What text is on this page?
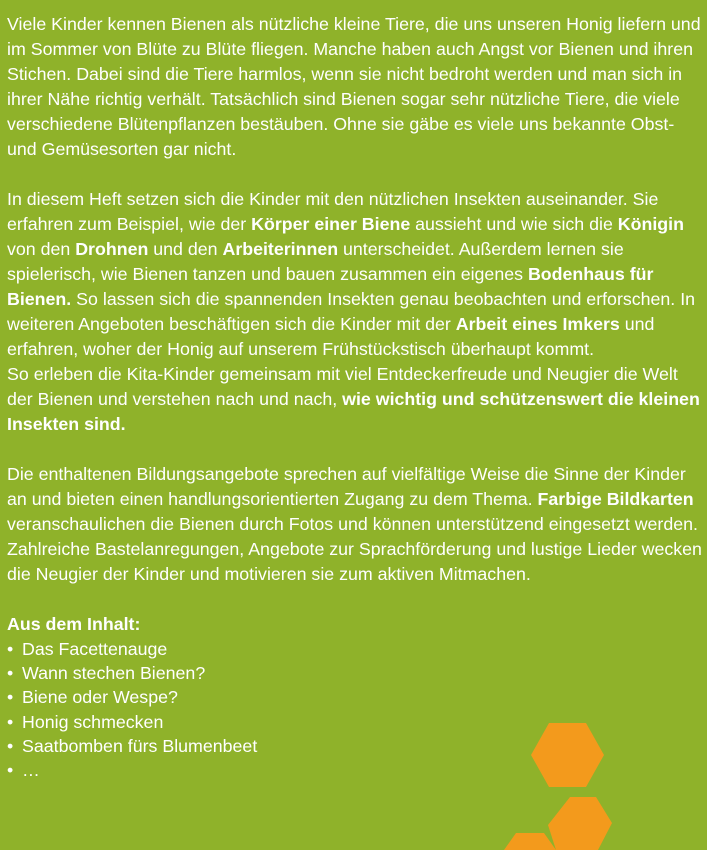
Viele Kinder kennen Bienen als nützliche kleine Tiere, die uns unseren Honig liefern und im Sommer von Blüte zu Blüte fliegen. Manche haben auch Angst vor Bienen und ihren Stichen. Dabei sind die Tiere harmlos, wenn sie nicht bedroht werden und man sich in ihrer Nähe richtig verhält. Tatsächlich sind Bienen sogar sehr nützliche Tiere, die viele verschiedene Blütenpflanzen bestäuben. Ohne sie gäbe es viele uns bekannte Obst- und Gemüsesorten gar nicht.

In diesem Heft setzen sich die Kinder mit den nützlichen Insekten auseinander. Sie erfahren zum Beispiel, wie der Körper einer Biene aussieht und wie sich die Königin von den Drohnen und den Arbeiterinnen unterscheidet. Außerdem lernen sie spielerisch, wie Bienen tanzen und bauen zusammen ein eigenes Bodenhaus für Bienen. So lassen sich die spannenden Insekten genau beobachten und erforschen. In weiteren Angeboten beschäftigen sich die Kinder mit der Arbeit eines Imkers und erfahren, woher der Honig auf unserem Frühstückstisch überhaupt kommt.

So erleben die Kita-Kinder gemeinsam mit viel Entdeckerfreude und Neugier die Welt der Bienen und verstehen nach und nach, wie wichtig und schützenswert die kleinen Insekten sind.

Die enthaltenen Bildungsangebote sprechen auf vielfältige Weise die Sinne der Kinder an und bieten einen handlungsorientierten Zugang zu dem Thema. Farbige Bildkarten veranschaulichen die Bienen durch Fotos und können unterstützend eingesetzt werden. Zahlreiche Bastelanregungen, Angebote zur Sprachförderung und lustige Lieder wecken die Neugier der Kinder und motivieren sie zum aktiven Mitmachen.

Aus dem Inhalt:

• Das Facettenauge
• Wann stechen Bienen?
• Biene oder Wespe?
• Honig schmecken
• Saatbomben fürs Blumenbeet
• …
